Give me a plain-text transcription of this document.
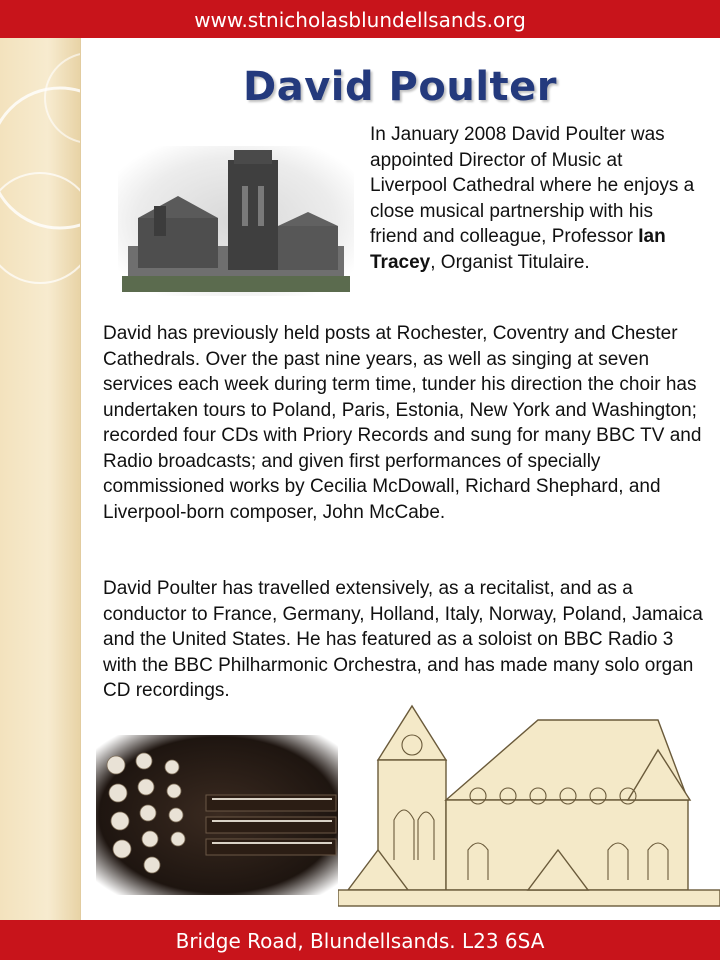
www.stnicholasblundellsands.org
David Poulter
In January 2008 David Poulter was appointed Director of Music at Liverpool Cathedral where he enjoys a close musical partnership with his friend and colleague, Professor Ian Tracey, Organist Titulaire.
David has previously held posts at Rochester, Coventry and Chester Cathedrals. Over the past nine years, as well as singing at seven services each week during term time, tunder his direction the choir has undertaken tours to Poland, Paris, Estonia, New York and Washington; recorded four CDs with Priory Records and sung for many BBC TV and Radio broadcasts; and given first performances of specially commissioned works by Cecilia McDowall, Richard Shephard, and Liverpool-born composer, John McCabe.
David Poulter has travelled extensively, as a recitalist, and as a conductor to France, Germany, Holland, Italy, Norway, Poland, Jamaica and the United States. He has featured as a soloist on BBC Radio 3 with the BBC Philharmonic Orchestra, and has made many solo organ CD recordings.
Bridge Road, Blundellsands. L23 6SA
